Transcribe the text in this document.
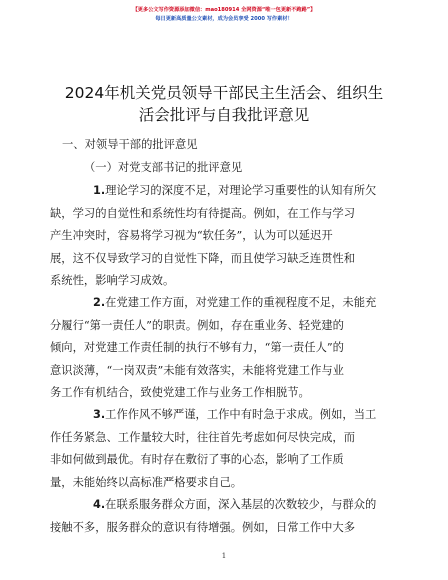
【更多公文写作资源添加微信：mao180914 全网资源“唯一包更新不跑路”】
每日更新高质量公文素材，成为会员享受 2000 写作素材！
2024年机关党员领导干部民主生活会、组织生
活会批评与自我批评意见
一、对领导干部的批评意见
（一）对党支部书记的批评意见
1.理论学习的深度不足，对理论学习重要性的认知有所欠
缺，学习的自觉性和系统性均有待提高。例如，在工作与学习
产生冲突时，容易将学习视为“软任务”，认为可以延迟开
展，这不仅导致学习的自觉性下降，而且使学习缺乏连贯性和
系统性，影响学习成效。
2.在党建工作方面，对党建工作的重视程度不足，未能充
分履行“第一责任人”的职责。例如，存在重业务、轻党建的
倾向，对党建工作责任制的执行不够有力，“第一责任人”的
意识淡薄，“一岗双责”未能有效落实，未能将党建工作与业
务工作有机结合，致使党建工作与业务工作相脱节。
3.工作作风不够严谨，工作中有时急于求成。例如，当工
作任务紧急、工作量较大时，往往首先考虑如何尽快完成，而
非如何做到最优。有时存在敷衍了事的心态，影响了工作质
量，未能始终以高标准严格要求自己。
4.在联系服务群众方面，深入基层的次数较少，与群众的
接触不多，服务群众的意识有待增强。例如，日常工作中大多
1
